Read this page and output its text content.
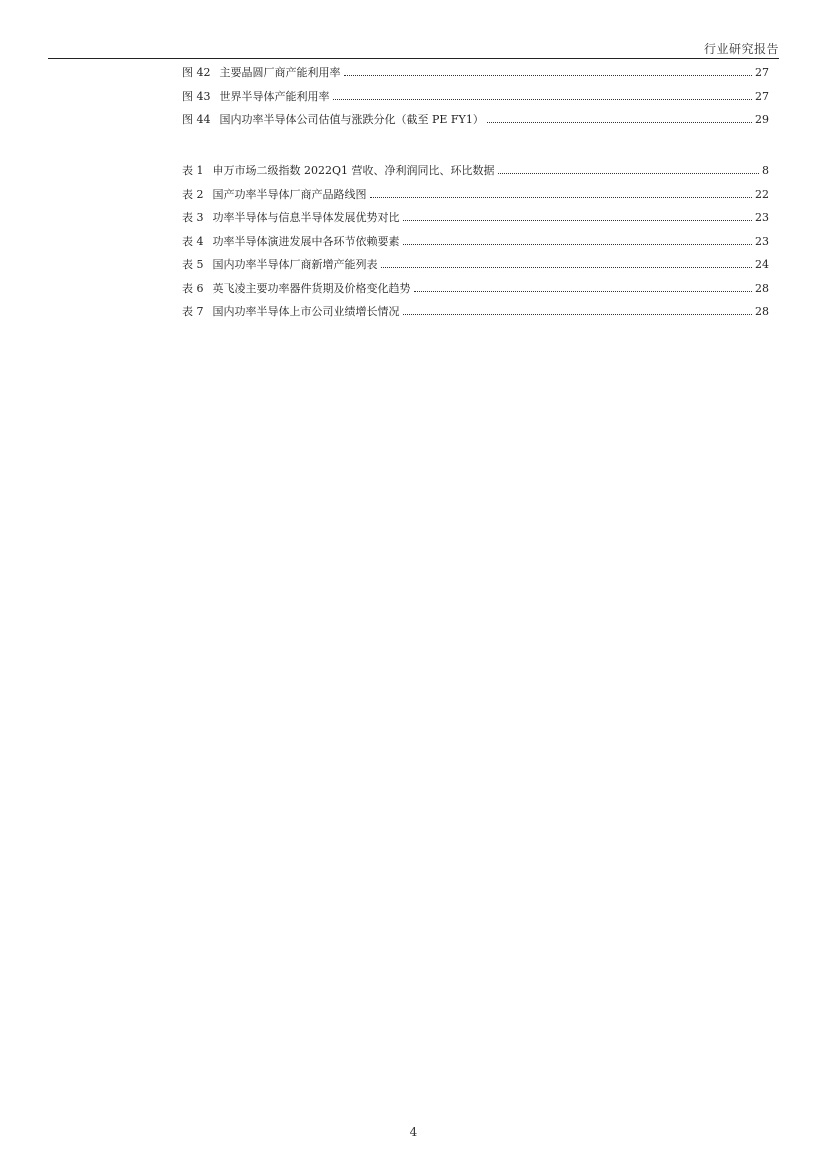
行业研究报告
图 42 主要晶圆厂商产能利用率	27
图 43 世界半导体产能利用率	27
图 44 国内功率半导体公司估值与涨跌分化（截至 PE FY1）	29
表 1 申万市场二级指数 2022Q1 营收、净利润同比、环比数据	8
表 2 国产功率半导体厂商产品路线图	22
表 3 功率半导体与信息半导体发展优势对比	23
表 4 功率半导体演进发展中各环节依赖要素	23
表 5 国内功率半导体厂商新增产能列表	24
表 6 英飞凌主要功率器件货期及价格变化趋势	28
表 7 国内功率半导体上市公司业绩增长情况	28
4
